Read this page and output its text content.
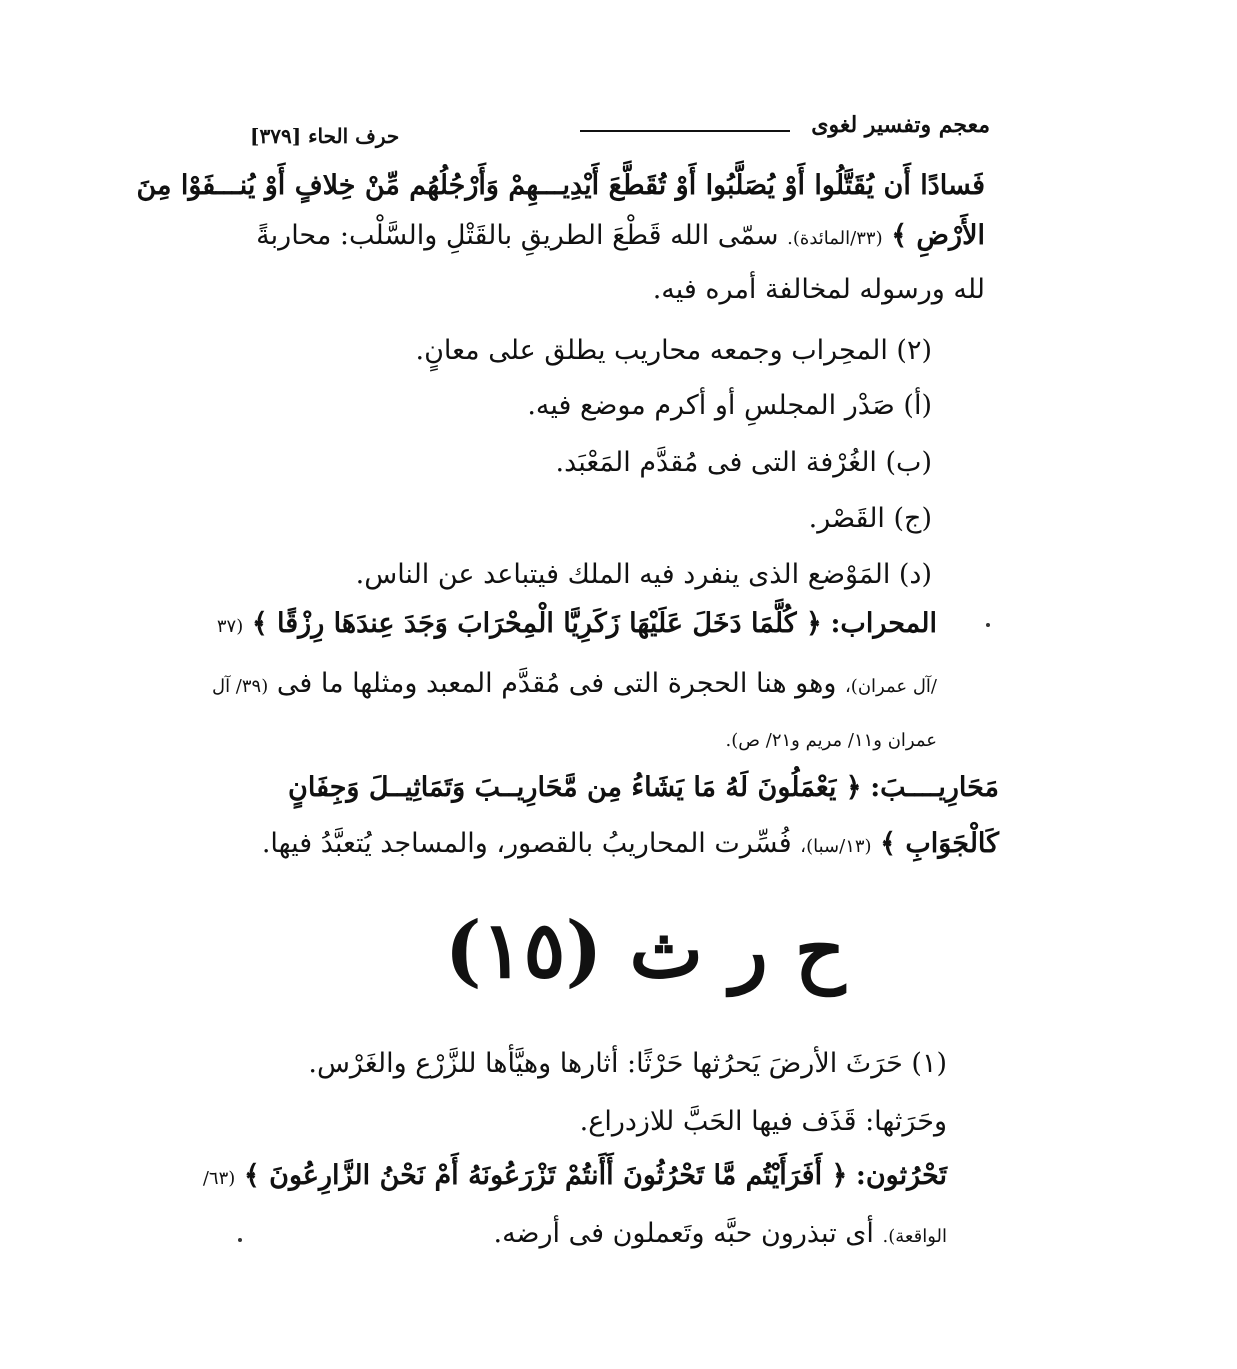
معجم وتفسير لغوى
حرف الحاء [٣٧٩]
فَسادًا أَن يُقَتَّلُوا أَوْ يُصَلَّبُوا أَوْ تُقَطَّعَ أَيْدِيـــهِمْ وَأَرْجُلُهُم مِّنْ خِلافٍ أَوْ يُنـــفَوْا مِنَ
الأَرْضِ ﴾ (٣٣/المائدة). سمّى الله قَطْعَ الطريقِ بالقَتْلِ والسَّلْب: محاربةً
لله ورسوله لمخالفة أمره فيه.
(٢) المحِراب وجمعه محاريب يطلق على معانٍ.
(أ) صَدْر المجلسِ أو أكرم موضع فيه.
(ب) الغُرْفة التى فى مُقدَّم المَعْبَد.
(ج) القَصْر.
(د) المَوْضع الذى ينفرد فيه الملك فيتباعد عن الناس.
المحراب: ﴿ كُلَّمَا دَخَلَ عَلَيْهَا زَكَرِيَّا الْمِحْرَابَ وَجَدَ عِندَهَا رِزْقًا ﴾ (٣٧
/آل عمران)، وهو هنا الحجرة التى فى مُقدَّم المعبد ومثلها ما فى (٣٩/ آل
عمران و١١/ مريم و٢١/ ص).
مَحَارِيــــبَ: ﴿ يَعْمَلُونَ لَهُ مَا يَشَاءُ مِن مَّحَارِيــبَ وَتَمَاثِيــلَ وَجِفَانٍ
كَالْجَوَابِ ﴾ (١٣/سبا)، فُسِّرت المحاريبُ بالقصور، والمساجد يُتعبَّدُ فيها.
ح ر ث (١٥)
(١) حَرَثَ الأرضَ يَحرُثها حَرْثًا: أثارها وهيَّأها للزَّرْع والغَرْس.
وحَرَثها: قَذَف فيها الحَبَّ للازدراع.
تَحْرُثون: ﴿ أَفَرَأَيْتُم مَّا تَحْرُثُونَ أَأَنتُمْ تَزْرَعُونَهُ أَمْ نَحْنُ الزَّارِعُونَ ﴾ (٦٣/
الواقعة). أى تبذرون حبَّه وتَعملون فى أرضه.
